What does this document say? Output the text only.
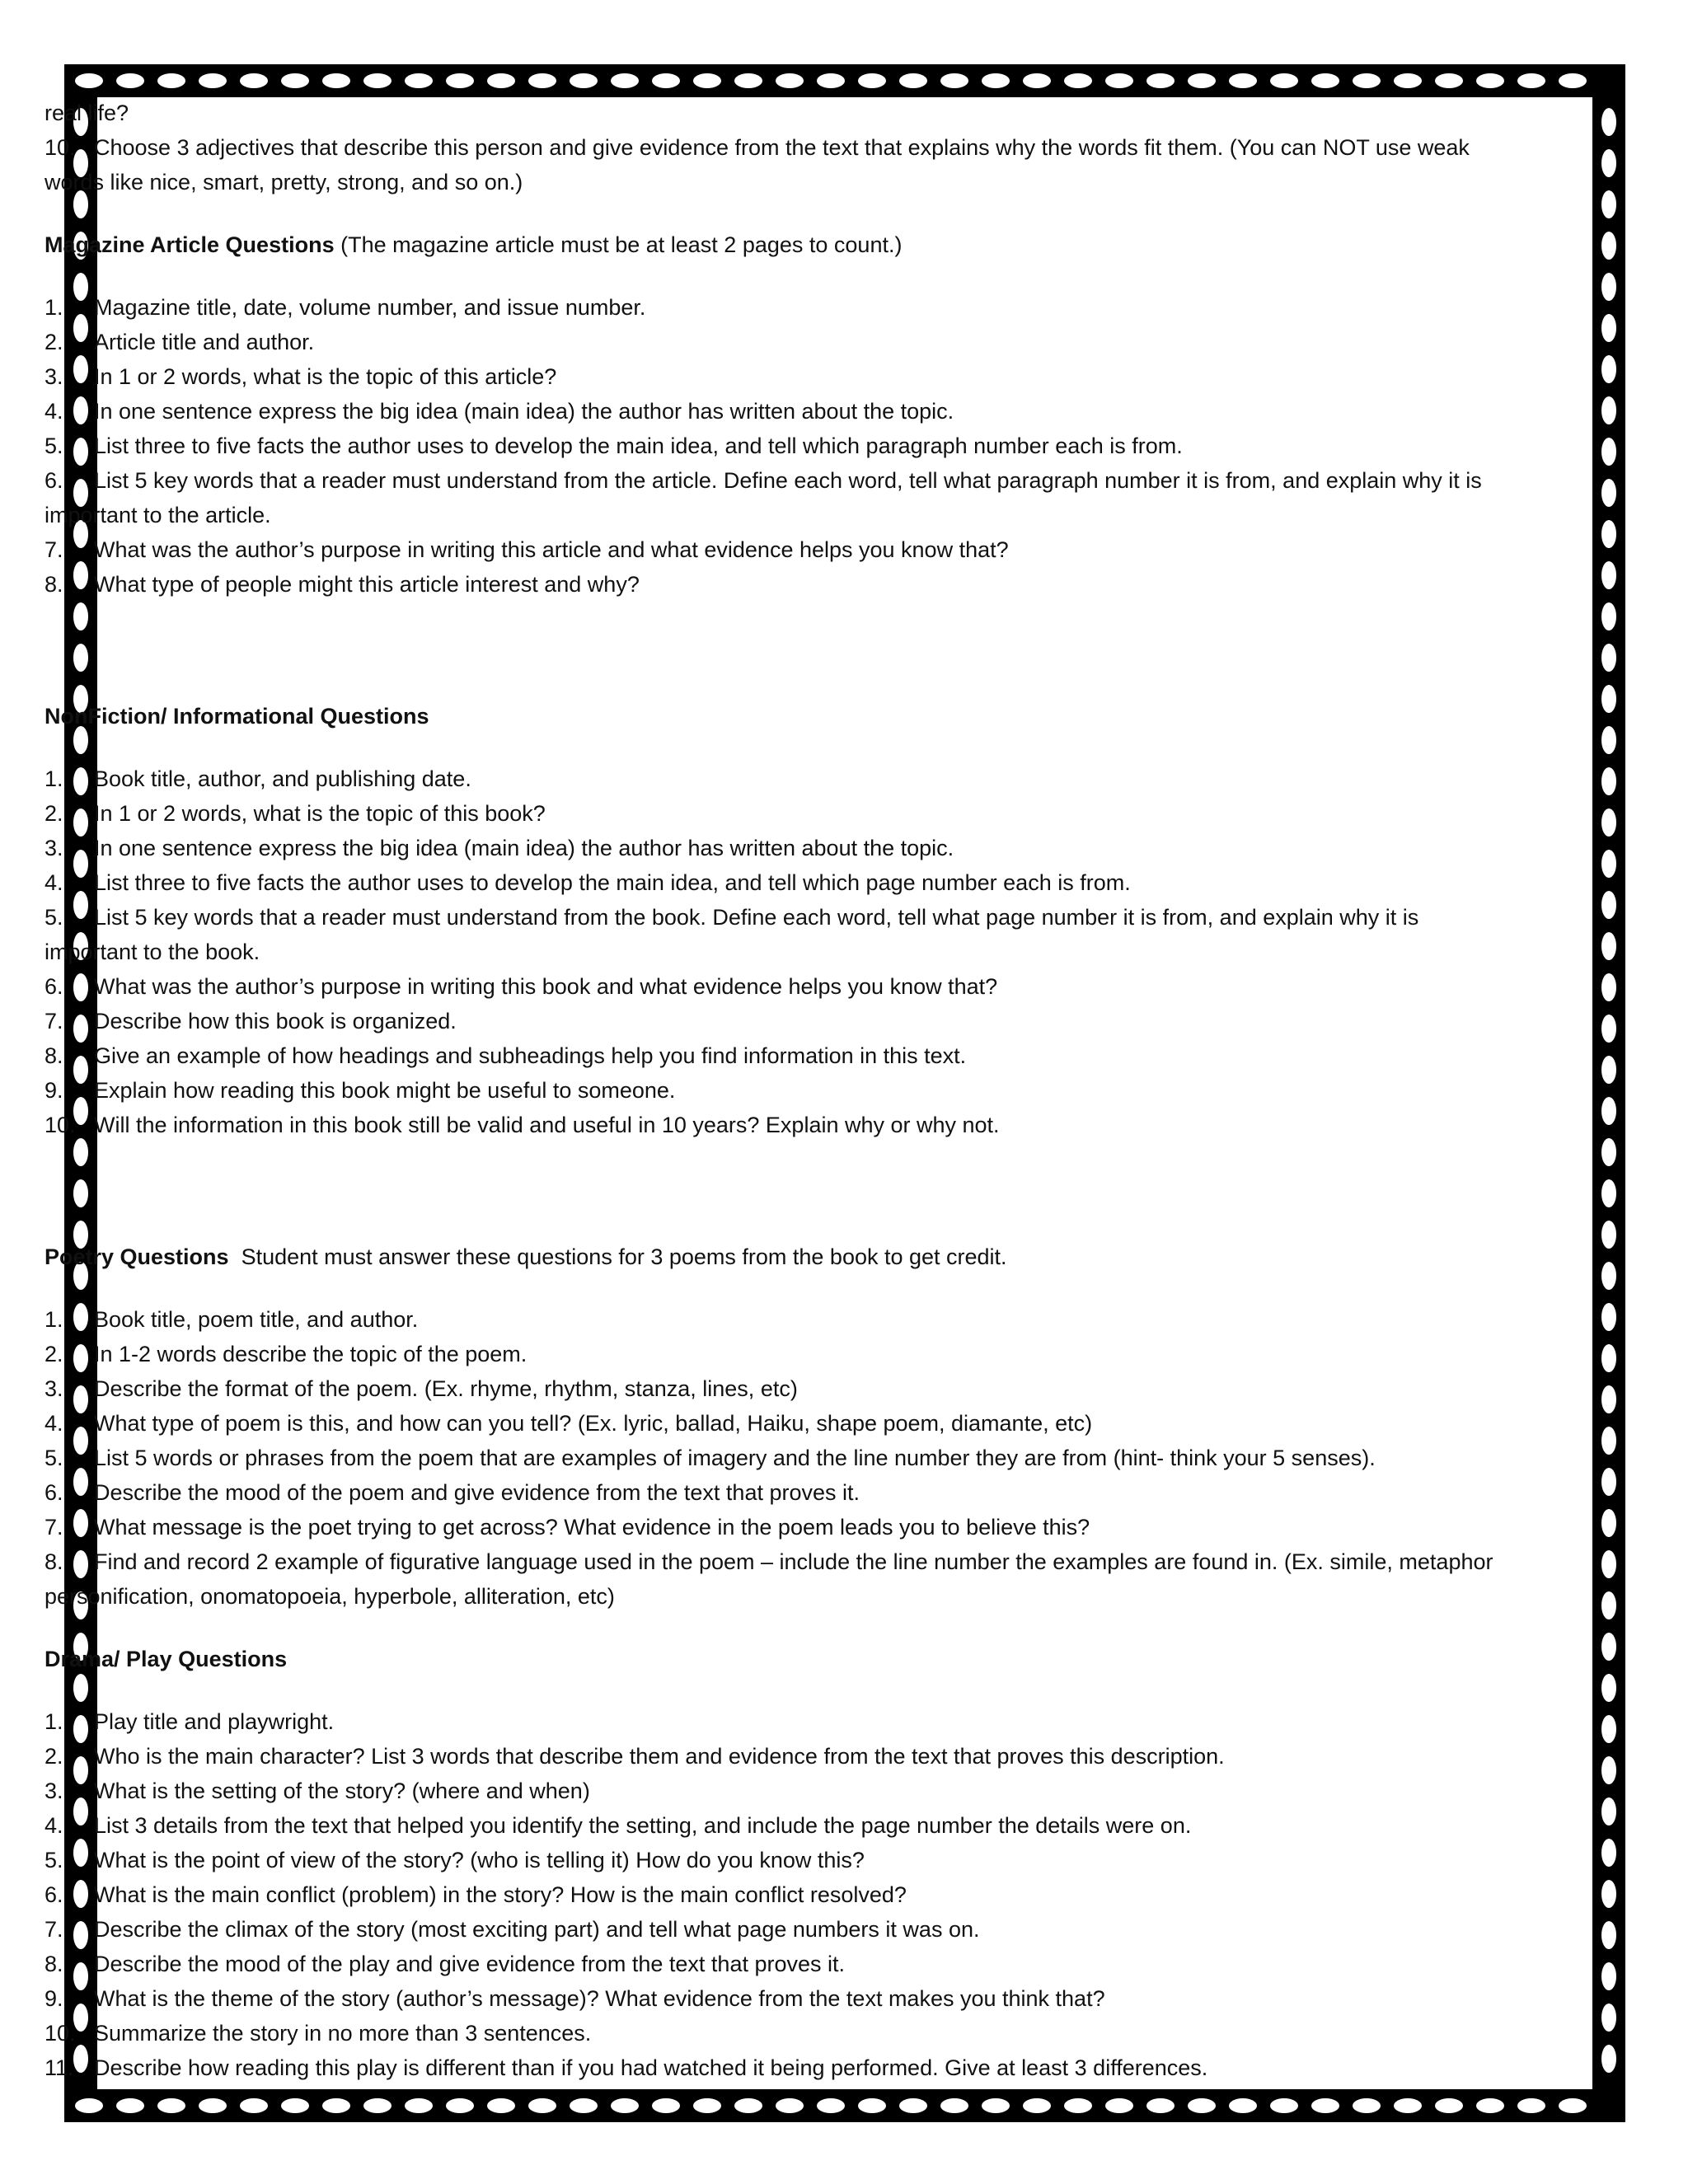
real life?
10. Choose 3 adjectives that describe this person and give evidence from the text that explains why the words fit them. (You can NOT use weak
words like nice, smart, pretty, strong, and so on.)
Magazine Article Questions (The magazine article must be at least 2 pages to count.)
1. Magazine title, date, volume number, and issue number.
2. Article title and author.
3. In 1 or 2 words, what is the topic of this article?
4. In one sentence express the big idea (main idea) the author has written about the topic.
5. List three to five facts the author uses to develop the main idea, and tell which paragraph number each is from.
6. List 5 key words that a reader must understand from the article. Define each word, tell what paragraph number it is from, and explain why it is
important to the article.
7. What was the author’s purpose in writing this article and what evidence helps you know that?
8. What type of people might this article interest and why?
NonFiction/ Informational Questions
1. Book title, author, and publishing date.
2. In 1 or 2 words, what is the topic of this book?
3. In one sentence express the big idea (main idea) the author has written about the topic.
4. List three to five facts the author uses to develop the main idea, and tell which page number each is from.
5. List 5 key words that a reader must understand from the book. Define each word, tell what page number it is from, and explain why it is
important to the book.
6. What was the author’s purpose in writing this book and what evidence helps you know that?
7. Describe how this book is organized.
8. Give an example of how headings and subheadings help you find information in this text.
9. Explain how reading this book might be useful to someone.
10. Will the information in this book still be valid and useful in 10 years? Explain why or why not.
Poetry Questions  Student must answer these questions for 3 poems from the book to get credit.
1. Book title, poem title, and author.
2. In 1-2 words describe the topic of the poem.
3. Describe the format of the poem. (Ex. rhyme, rhythm, stanza, lines, etc)
4. What type of poem is this, and how can you tell? (Ex. lyric, ballad, Haiku, shape poem, diamante, etc)
5. List 5 words or phrases from the poem that are examples of imagery and the line number they are from (hint- think your 5 senses).
6. Describe the mood of the poem and give evidence from the text that proves it.
7. What message is the poet trying to get across? What evidence in the poem leads you to believe this?
8. Find and record 2 example of figurative language used in the poem – include the line number the examples are found in. (Ex. simile, metaphor
personification, onomatopoeia, hyperbole, alliteration, etc)
Drama/ Play Questions
1. Play title and playwright.
2. Who is the main character? List 3 words that describe them and evidence from the text that proves this description.
3. What is the setting of the story? (where and when)
4. List 3 details from the text that helped you identify the setting, and include the page number the details were on.
5. What is the point of view of the story? (who is telling it) How do you know this?
6. What is the main conflict (problem) in the story? How is the main conflict resolved?
7. Describe the climax of the story (most exciting part) and tell what page numbers it was on.
8. Describe the mood of the play and give evidence from the text that proves it.
9. What is the theme of the story (author’s message)? What evidence from the text makes you think that?
10. Summarize the story in no more than 3 sentences.
11. Describe how reading this play is different than if you had watched it being performed. Give at least 3 differences.
